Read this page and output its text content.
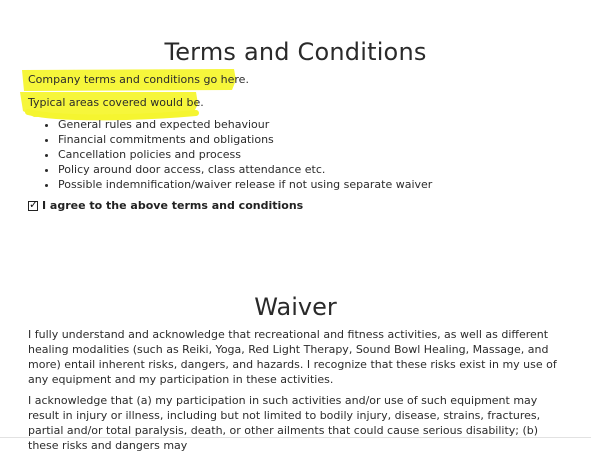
Terms and Conditions
Company terms and conditions go here.
Typical areas covered would be.
• General rules and expected behaviour
• Financial commitments and obligations
• Cancellation policies and process
• Policy around door access, class attendance etc.
• Possible indemnification/waiver release if not using separate waiver
✓ I agree to the above terms and conditions
Waiver

I fully understand and acknowledge that recreational and fitness activities, as well as different healing modalities (such as Reiki, Yoga, Red Light Therapy, Sound Bowl Healing, Massage, and more) entail inherent risks, dangers, and hazards. I recognize that these risks exist in my use of any equipment and my participation in these activities.

I acknowledge that (a) my participation in such activities and/or use of such equipment may result in injury or illness, including but not limited to bodily injury, disease, strains, fractures, partial and/or total paralysis, death, or other ailments that could cause serious disability; (b) these risks and dangers may
